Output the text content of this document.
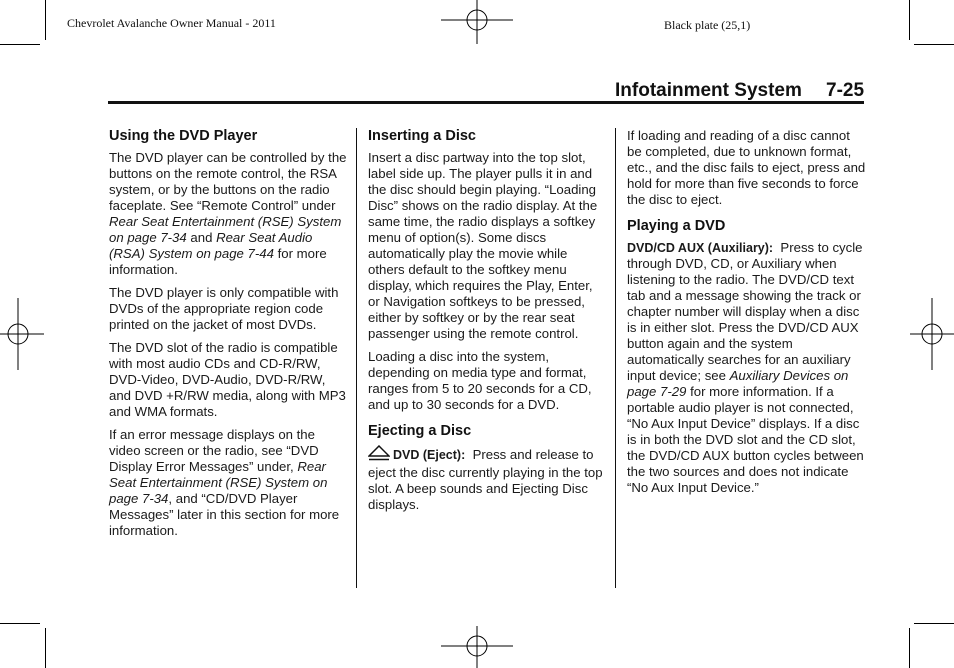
Chevrolet Avalanche Owner Manual - 2011	Black plate (25,1)
Infotainment System 7-25
Using the DVD Player

The DVD player can be controlled by the buttons on the remote control, the RSA system, or by the buttons on the radio faceplate. See “Remote Control” under Rear Seat Entertainment (RSE) System on page 7-34 and Rear Seat Audio (RSA) System on page 7-44 for more information.

The DVD player is only compatible with DVDs of the appropriate region code printed on the jacket of most DVDs.

The DVD slot of the radio is compatible with most audio CDs and CD-R/RW, DVD-Video, DVD-Audio, DVD-R/RW, and DVD +R/RW media, along with MP3 and WMA formats.

If an error message displays on the video screen or the radio, see “DVD Display Error Messages” under, Rear Seat Entertainment (RSE) System on page 7-34, and “CD/DVD Player Messages” later in this section for more information.

Inserting a Disc

Insert a disc partway into the top slot, label side up. The player pulls it in and the disc should begin playing. “Loading Disc” shows on the radio display. At the same time, the radio displays a softkey menu of option(s). Some discs automatically play the movie while others default to the softkey menu display, which requires the Play, Enter, or Navigation softkeys to be pressed, either by softkey or by the rear seat passenger using the remote control.

Loading a disc into the system, depending on media type and format, ranges from 5 to 20 seconds for a CD, and up to 30 seconds for a DVD.

Ejecting a Disc

DVD (Eject): Press and release to eject the disc currently playing in the top slot. A beep sounds and Ejecting Disc displays.

If loading and reading of a disc cannot be completed, due to unknown format, etc., and the disc fails to eject, press and hold for more than five seconds to force the disc to eject.

Playing a DVD

DVD/CD AUX (Auxiliary): Press to cycle through DVD, CD, or Auxiliary when listening to the radio. The DVD/CD text tab and a message showing the track or chapter number will display when a disc is in either slot. Press the DVD/CD AUX button again and the system automatically searches for an auxiliary input device; see Auxiliary Devices on page 7-29 for more information. If a portable audio player is not connected, “No Aux Input Device” displays. If a disc is in both the DVD slot and the CD slot, the DVD/CD AUX button cycles between the two sources and does not indicate “No Aux Input Device.”
